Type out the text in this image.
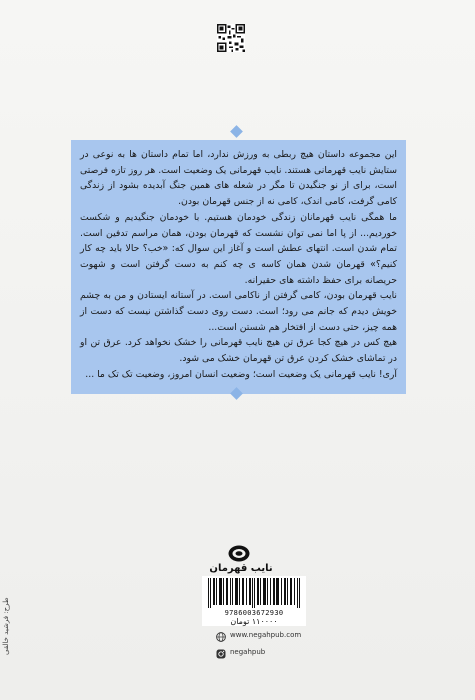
این مجموعه داستان هیچ ربطی به ورزش ندارد، اما تمام داستان ها به نوعی در ستایش نایب قهرمانی هستند. نایب قهرمانی یک وضعیت است. هر روز تازه فرصتی است، برای از نو جنگیدن تا مگر در شعله های همین جنگ آبدیده بشود از زندگی کامی گرفت، کامی اندک، کامی نه از جنس قهرمان بودن.

ما همگی نایب قهرمانان زندگی خودمان هستیم. با خودمان جنگیدیم و شکست خوردیم... از پا اما نمی توان نشست که قهرمان بودن، همان مراسم تدفین است. تمام شدن است. انتهای عطش است و آغاز این سوال که: «خب؟ حالا باید چه کار کنیم؟» قهرمان شدن همان کاسه ی چه کنم به دست گرفتن است و شهوت حریصانه برای حفظ داشته های حقیرانه.

نایب قهرمان بودن، کامی گرفتن از ناکامی است. در آستانه ایستادن و من به چشم خویش دیدم که جانم می رود؛ است. دست روی دست گذاشتن نیست که دست از همه چیز، حتی دست از افتخار هم شستن است...

هیچ کس در هیچ کجا عرق تن هیچ نایب قهرمانی را خشک نخواهد کرد. عرق تن او در تماشای خشک کردن عرق تن قهرمان خشک می شود.

آری! نایب قهرمانی یک وضعیت است؛ وضعیت انسان امروز، وضعیت تک تک ما ...

طرح: فرشید خالقی
نایب قهرمان
9786003672930
۱۱۰۰۰۰ تومان
www.negahpub.com
negahpub
